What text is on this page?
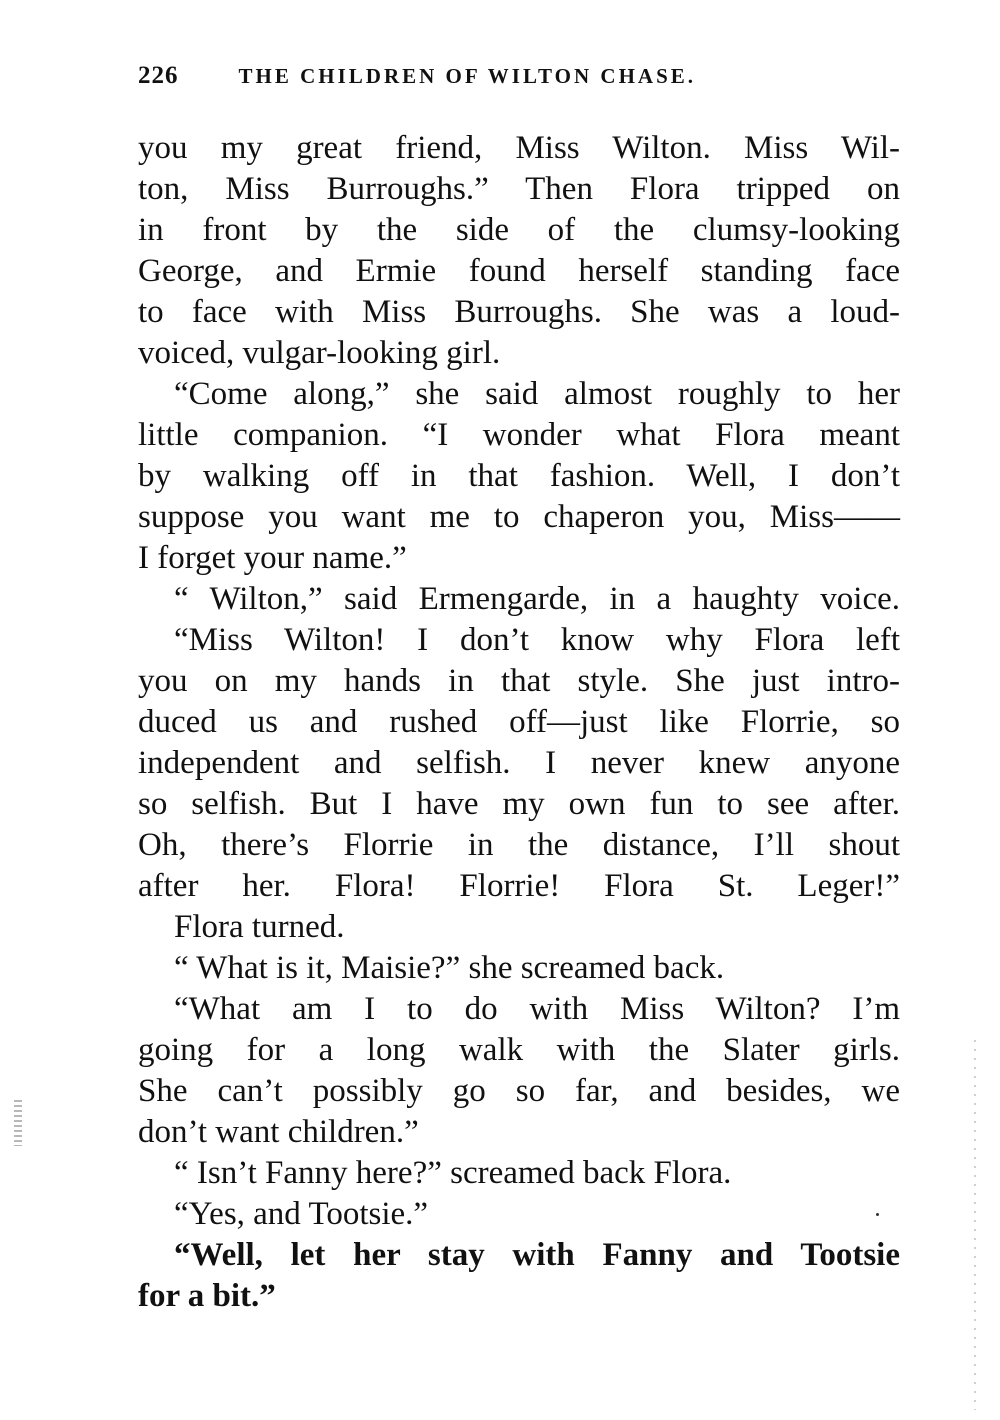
226	THE CHILDREN OF WILTON CHASE.
you my great friend, Miss Wilton. Miss Wil-
ton, Miss Burroughs.” Then Flora tripped on
in front by the side of the clumsy-looking
George, and Ermie found herself standing face
to face with Miss Burroughs. She was a loud-
voiced, vulgar-looking girl.
“Come along,” she said almost roughly to her
little companion. “I wonder what Flora meant
by walking off in that fashion. Well, I don’t
suppose you want me to chaperon you, Miss——
I forget your name.”
“ Wilton,” said Ermengarde, in a haughty voice.
“Miss Wilton! I don’t know why Flora left
you on my hands in that style. She just intro-
duced us and rushed off—just like Florrie, so
independent and selfish. I never knew anyone
so selfish. But I have my own fun to see after.
Oh, there’s Florrie in the distance, I’ll shout
after her. Flora! Florrie! Flora St. Leger!”
Flora turned.
“ What is it, Maisie?” she screamed back.
“What am I to do with Miss Wilton? I’m
going for a long walk with the Slater girls.
She can’t possibly go so far, and besides, we
don’t want children.”
“ Isn’t Fanny here?” screamed back Flora.
“Yes, and Tootsie.”
“Well, let her stay with Fanny and Tootsie
for a bit.”
